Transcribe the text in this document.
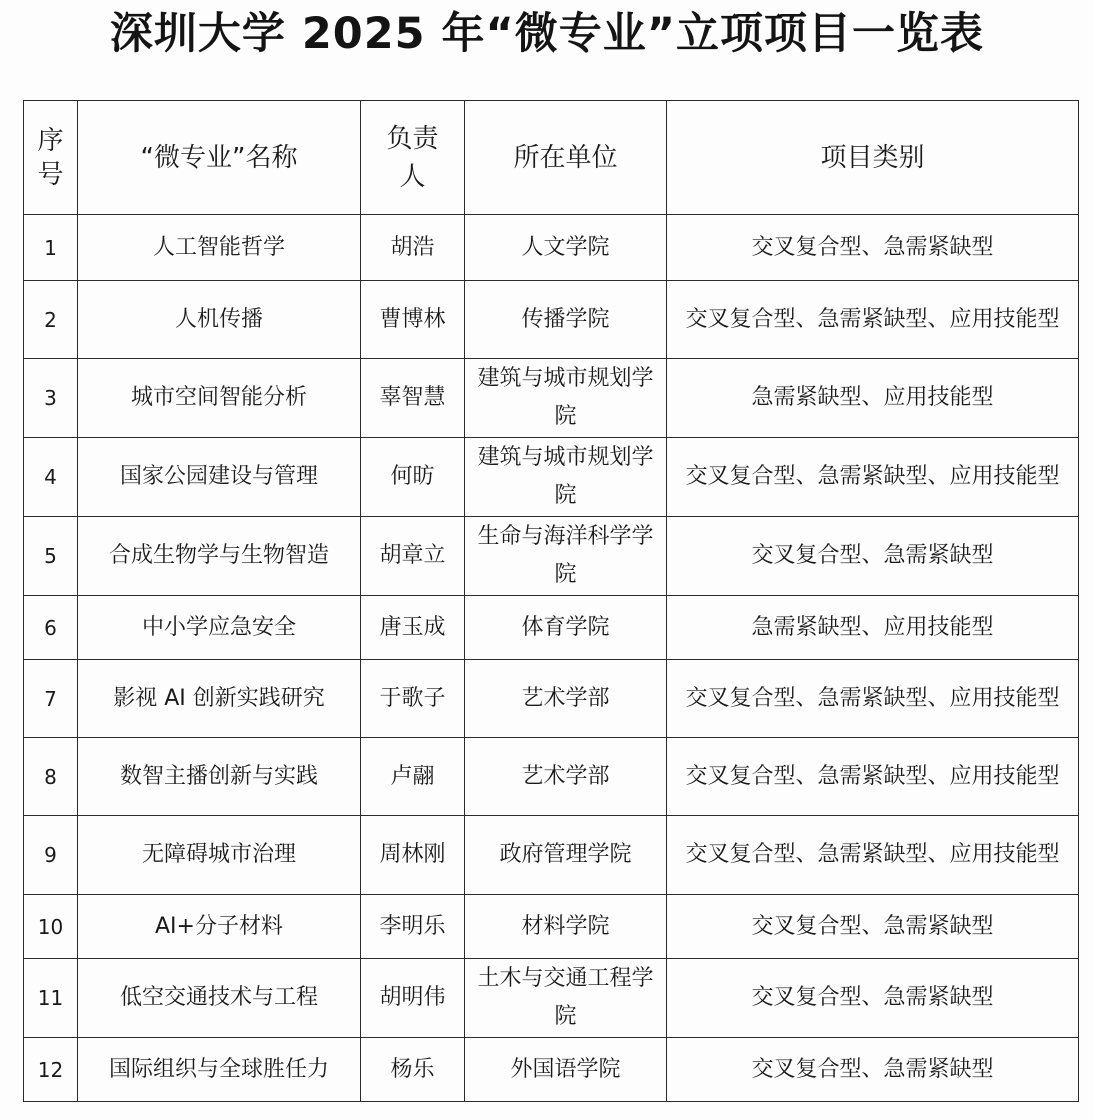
深圳大学 2025 年“微专业”立项项目一览表
序号	“微专业”名称	负责人	所在单位	项目类别
1	人工智能哲学	胡浩	人文学院	交叉复合型、急需紧缺型
2	人机传播	曹博林	传播学院	交叉复合型、急需紧缺型、应用技能型
3	城市空间智能分析	辜智慧	建筑与城市规划学院	急需紧缺型、应用技能型
4	国家公园建设与管理	何昉	建筑与城市规划学院	交叉复合型、急需紧缺型、应用技能型
5	合成生物学与生物智造	胡章立	生命与海洋科学学院	交叉复合型、急需紧缺型
6	中小学应急安全	唐玉成	体育学院	急需紧缺型、应用技能型
7	影视 AI 创新实践研究	于歌子	艺术学部	交叉复合型、急需紧缺型、应用技能型
8	数智主播创新与实践	卢翮	艺术学部	交叉复合型、急需紧缺型、应用技能型
9	无障碍城市治理	周林刚	政府管理学院	交叉复合型、急需紧缺型、应用技能型
10	AI+分子材料	李明乐	材料学院	交叉复合型、急需紧缺型
11	低空交通技术与工程	胡明伟	土木与交通工程学院	交叉复合型、急需紧缺型
12	国际组织与全球胜任力	杨乐	外国语学院	交叉复合型、急需紧缺型
